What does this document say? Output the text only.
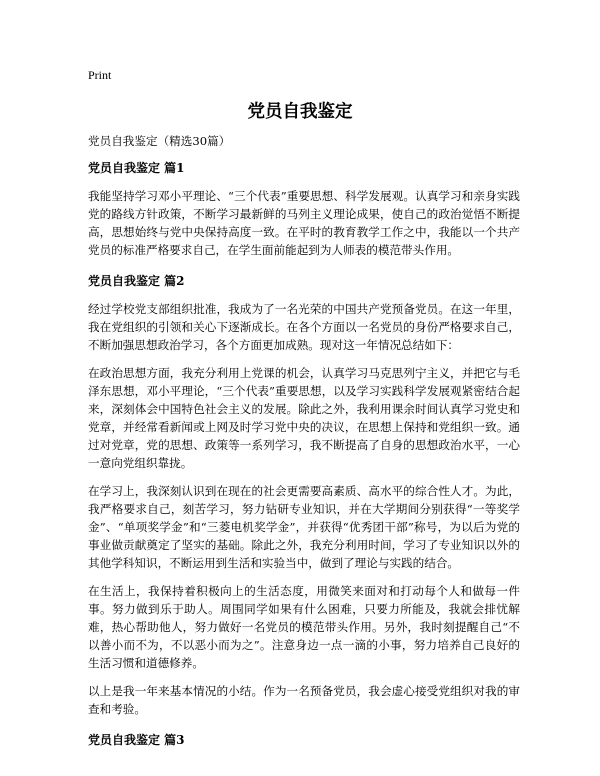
Print
党员自我鉴定

党员自我鉴定（精选30篇）

党员自我鉴定 篇1

我能坚持学习邓小平理论、“三个代表”重要思想、科学发展观。认真学习和亲身实践党的路线方针政策，不断学习最新鲜的马列主义理论成果，使自己的政治觉悟不断提高，思想始终与党中央保持高度一致。在平时的教育教学工作之中，我能以一个共产党员的标准严格要求自己，在学生面前能起到为人师表的模范带头作用。

党员自我鉴定 篇2

经过学校党支部组织批准，我成为了一名光荣的中国共产党预备党员。在这一年里，我在党组织的引领和关心下逐渐成长。在各个方面以一名党员的身份严格要求自己，不断加强思想政治学习，各个方面更加成熟。现对这一年情况总结如下：

在政治思想方面，我充分利用上党课的机会，认真学习马克思列宁主义，并把它与毛泽东思想，邓小平理论，“三个代表”重要思想，以及学习实践科学发展观紧密结合起来，深刻体会中国特色社会主义的发展。除此之外，我利用课余时间认真学习党史和党章，并经常看新闻或上网及时学习党中央的决议，在思想上保持和党组织一致。通过对党章，党的思想、政策等一系列学习，我不断提高了自身的思想政治水平，一心一意向党组织靠拢。

在学习上，我深刻认识到在现在的社会更需要高素质、高水平的综合性人才。为此，我严格要求自己，刻苦学习，努力钻研专业知识，并在大学期间分别获得“一等奖学金”、“单项奖学金”和“三菱电机奖学金”，并获得“优秀团干部”称号，为以后为党的事业做贡献奠定了坚实的基础。除此之外，我充分利用时间，学习了专业知识以外的其他学科知识，不断运用到生活和实验当中，做到了理论与实践的结合。

在生活上，我保持着积极向上的生活态度，用微笑来面对和打动每个人和做每一件事。努力做到乐于助人。周围同学如果有什么困难，只要力所能及，我就会排忧解难，热心帮助他人，努力做好一名党员的模范带头作用。另外，我时刻提醒自己“不以善小而不为，不以恶小而为之”。注意身边一点一滴的小事，努力培养自己良好的生活习惯和道德修养。

以上是我一年来基本情况的小结。作为一名预备党员，我会虚心接受党组织对我的审查和考验。

党员自我鉴定 篇3
